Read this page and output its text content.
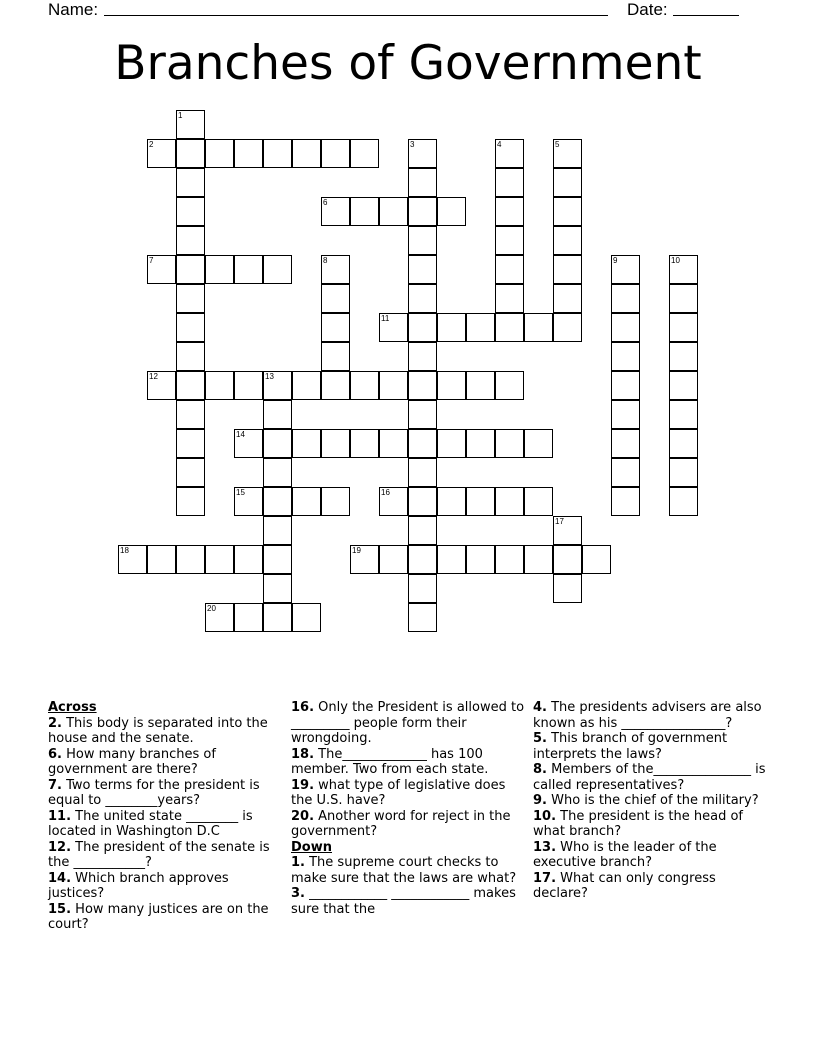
Name:	Date:
Branches of Government
1
2	3	4	5
6
7	8	9	10
11
12	13
14
15	16
17
18	19
20

Across

2. This body is separated into the house and the senate.

6. How many branches of government are there?

7. Two terms for the president is equal to ________years?

11. The united state ________ is located in Washington D.C

12. The president of the senate is the ___________?

14. Which branch approves justices?

15. How many justices are on the court?

16. Only the President is allowed to _________ people form their wrongdoing.

18. The_____________ has 100 member. Two from each state.

19. what type of legislative does the U.S. have?

20. Another word for reject in the government?

Down

1. The supreme court checks to make sure that the laws are what?

3. ____________ ____________ makes sure that the

4. The presidents advisers are also known as his ________________?

5. This branch of government interprets the laws?

8. Members of the_______________ is called representatives?

9. Who is the chief of the military?

10. The president is the head of what branch?

13. Who is the leader of the executive branch?

17. What can only congress declare?
